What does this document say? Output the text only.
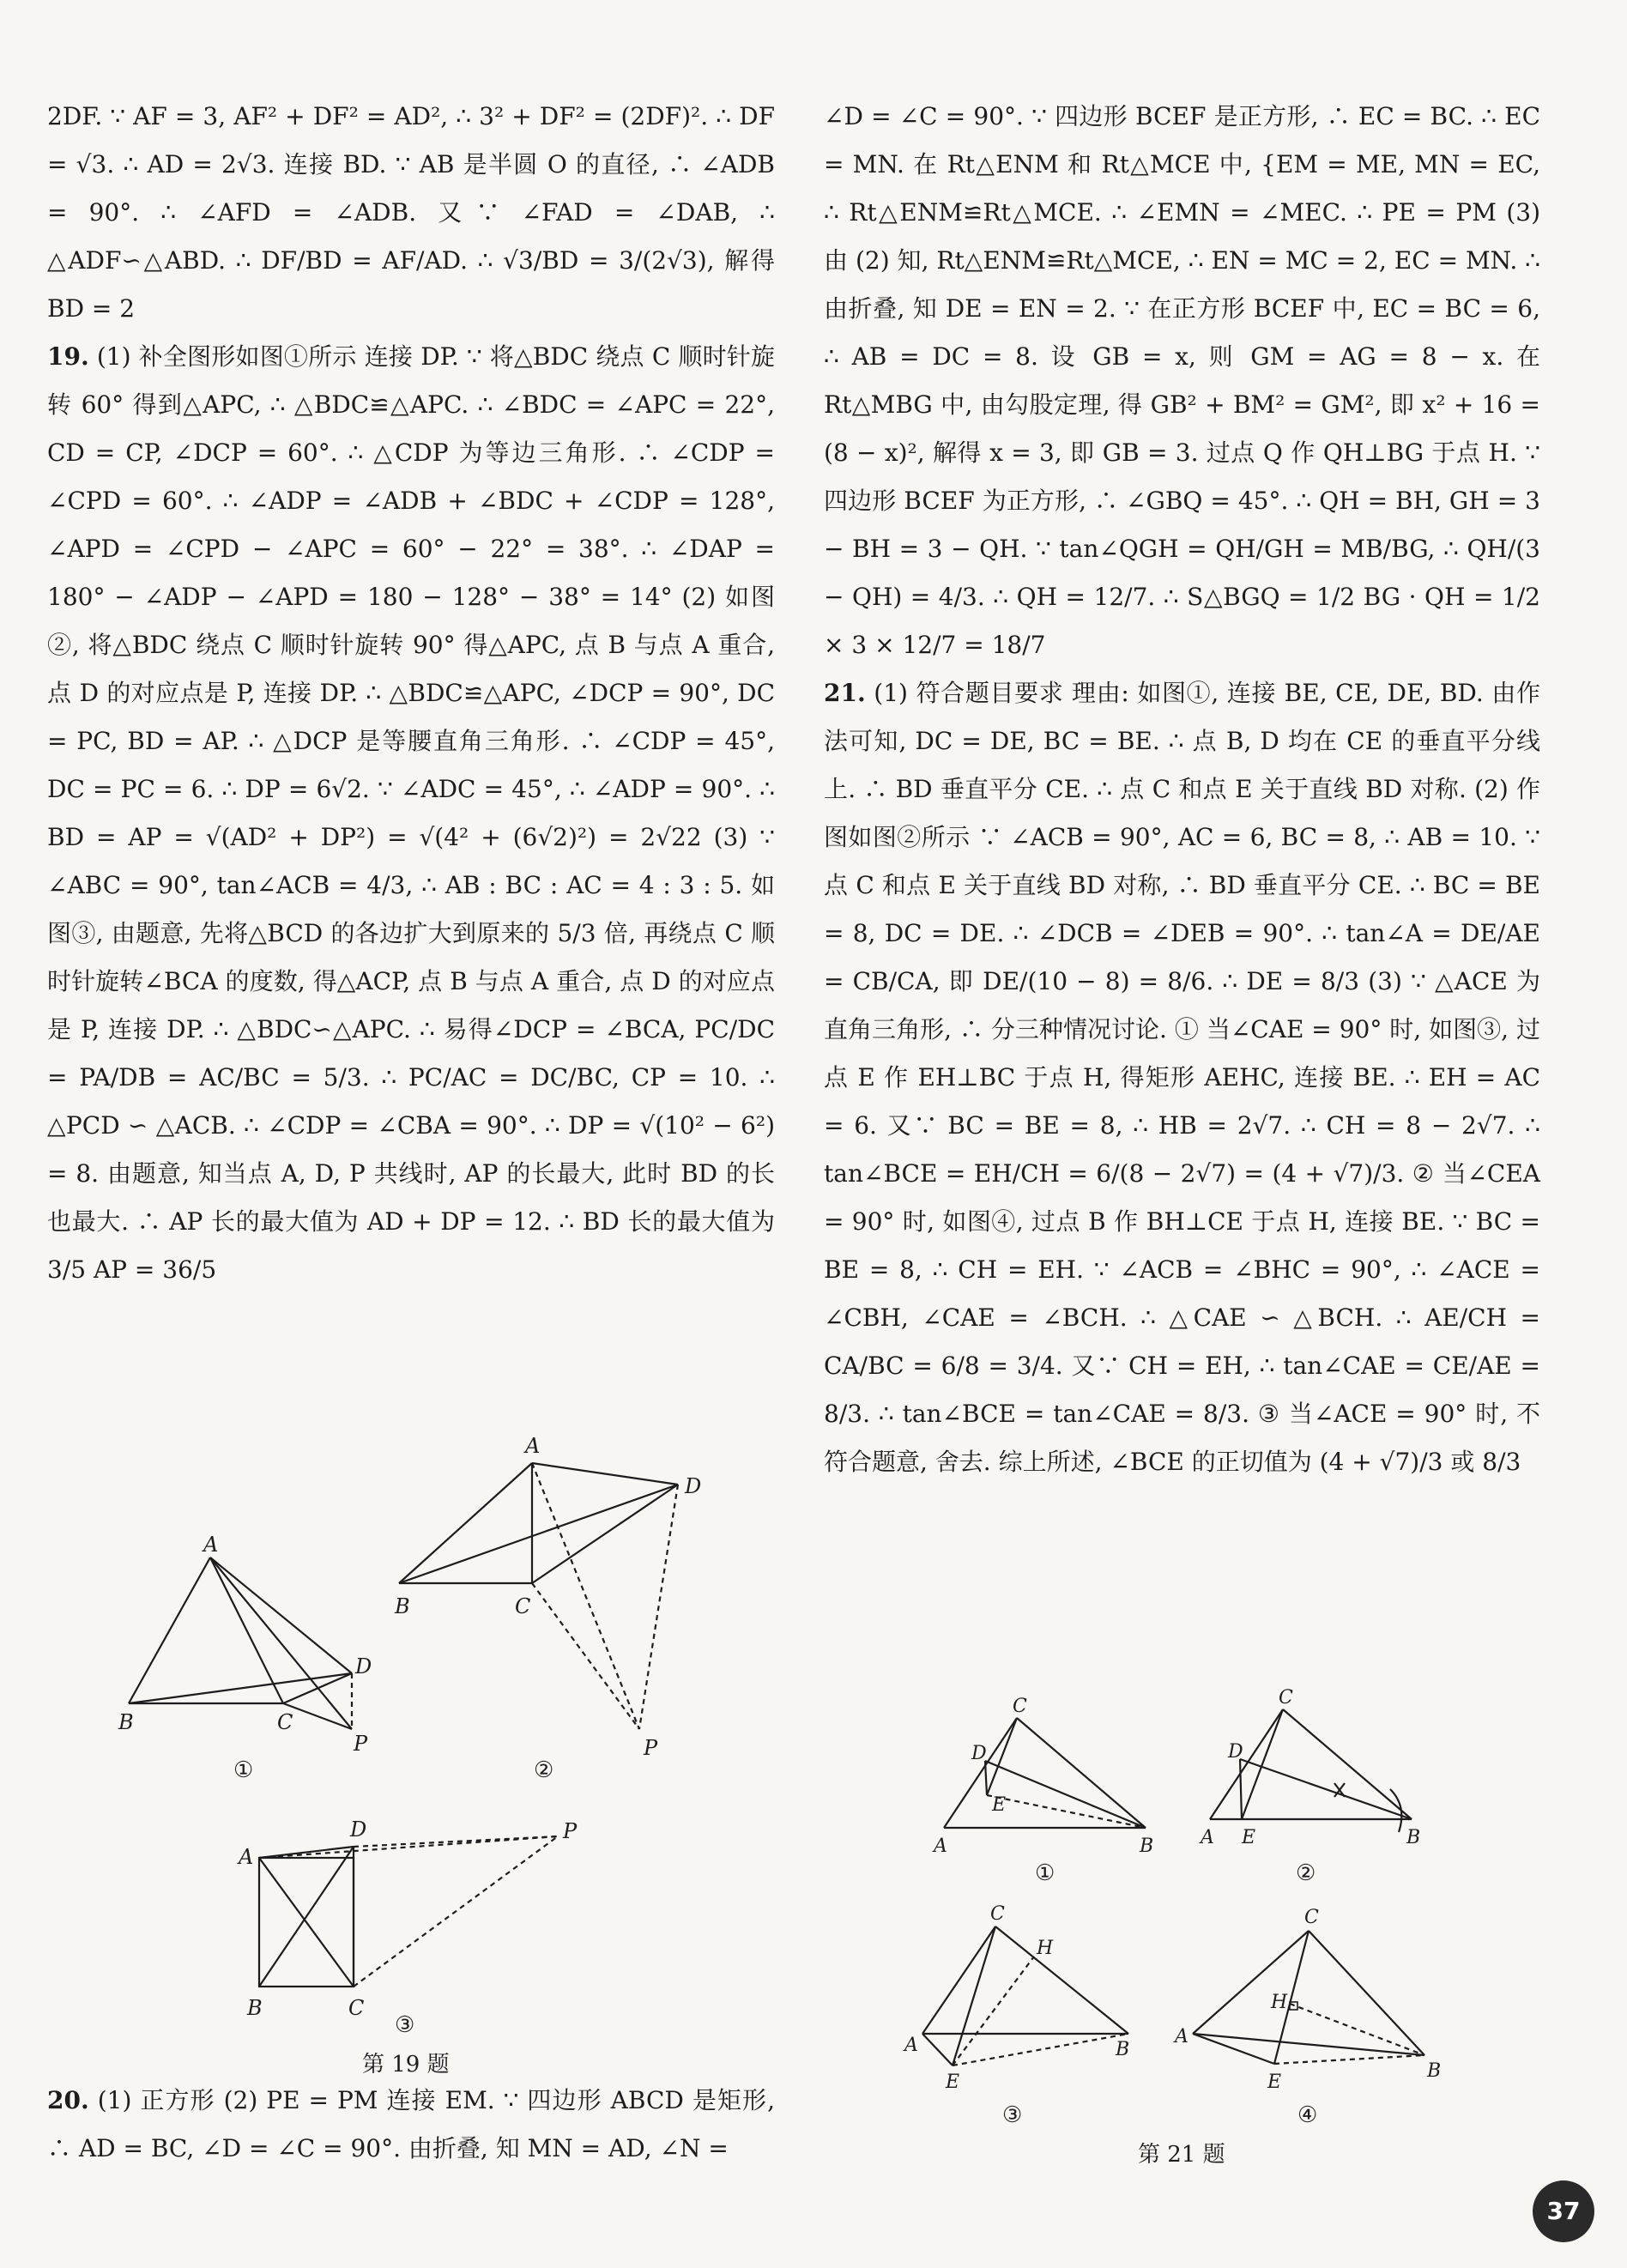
2DF. ∵ AF = 3, AF² + DF² = AD², ∴ 3² + DF² = (2DF)². ∴ DF = √3. ∴ AD = 2√3. 连接 BD. ∵ AB 是半圆 O 的直径, ∴ ∠ADB = 90°. ∴ ∠AFD = ∠ADB. 又∵ ∠FAD = ∠DAB, ∴ △ADF∽△ABD. ∴ DF/BD = AF/AD. ∴ √3/BD = 3/(2√3), 解得 BD = 2

19. (1) 补全图形如图①所示 连接 DP. ∵ 将△BDC 绕点 C 顺时针旋转 60° 得到△APC, ∴ △BDC≌△APC. ∴ ∠BDC = ∠APC = 22°, CD = CP, ∠DCP = 60°. ∴ △CDP 为等边三角形. ∴ ∠CDP = ∠CPD = 60°. ∴ ∠ADP = ∠ADB + ∠BDC + ∠CDP = 128°, ∠APD = ∠CPD − ∠APC = 60° − 22° = 38°. ∴ ∠DAP = 180° − ∠ADP − ∠APD = 180 − 128° − 38° = 14° (2) 如图②, 将△BDC 绕点 C 顺时针旋转 90° 得△APC, 点 B 与点 A 重合, 点 D 的对应点是 P, 连接 DP. ∴ △BDC≌△APC, ∠DCP = 90°, DC = PC, BD = AP. ∴ △DCP 是等腰直角三角形. ∴ ∠CDP = 45°, DC = PC = 6. ∴ DP = 6√2. ∵ ∠ADC = 45°, ∴ ∠ADP = 90°. ∴ BD = AP = √(AD² + DP²) = √(4² + (6√2)²) = 2√22 (3) ∵ ∠ABC = 90°, tan∠ACB = 4/3, ∴ AB : BC : AC = 4 : 3 : 5. 如图③, 由题意, 先将△BCD 的各边扩大到原来的 5/3 倍, 再绕点 C 顺时针旋转∠BCA 的度数, 得△ACP, 点 B 与点 A 重合, 点 D 的对应点是 P, 连接 DP. ∴ △BDC∽△APC. ∴ 易得∠DCP = ∠BCA, PC/DC = PA/DB = AC/BC = 5/3. ∴ PC/AC = DC/BC, CP = 10. ∴ △PCD ∽ △ACB. ∴ ∠CDP = ∠CBA = 90°. ∴ DP = √(10² − 6²) = 8. 由题意, 知当点 A, D, P 共线时, AP 的长最大, 此时 BD 的长也最大. ∴ AP 长的最大值为 AD + DP = 12. ∴ BD 长的最大值为 3/5 AP = 36/5

A
B	C
D
P
A
B	C
D
P
①	②
A
B	C
D	P
③
第 19 题

20. (1) 正方形 (2) PE = PM 连接 EM. ∵ 四边形 ABCD 是矩形, ∴ AD = BC, ∠D = ∠C = 90°. 由折叠, 知 MN = AD, ∠N =

∠D = ∠C = 90°. ∵ 四边形 BCEF 是正方形, ∴ EC = BC. ∴ EC = MN. 在 Rt△ENM 和 Rt△MCE 中, {EM = ME, MN = EC, ∴ Rt△ENM≌Rt△MCE. ∴ ∠EMN = ∠MEC. ∴ PE = PM (3) 由 (2) 知, Rt△ENM≌Rt△MCE, ∴ EN = MC = 2, EC = MN. ∴ 由折叠, 知 DE = EN = 2. ∵ 在正方形 BCEF 中, EC = BC = 6, ∴ AB = DC = 8. 设 GB = x, 则 GM = AG = 8 − x. 在 Rt△MBG 中, 由勾股定理, 得 GB² + BM² = GM², 即 x² + 16 = (8 − x)², 解得 x = 3, 即 GB = 3. 过点 Q 作 QH⊥BG 于点 H. ∵ 四边形 BCEF 为正方形, ∴ ∠GBQ = 45°. ∴ QH = BH, GH = 3 − BH = 3 − QH. ∵ tan∠QGH = QH/GH = MB/BG, ∴ QH/(3 − QH) = 4/3. ∴ QH = 12/7. ∴ S△BGQ = 1/2 BG · QH = 1/2 × 3 × 12/7 = 18/7

21. (1) 符合题目要求 理由: 如图①, 连接 BE, CE, DE, BD. 由作法可知, DC = DE, BC = BE. ∴ 点 B, D 均在 CE 的垂直平分线上. ∴ BD 垂直平分 CE. ∴ 点 C 和点 E 关于直线 BD 对称. (2) 作图如图②所示 ∵ ∠ACB = 90°, AC = 6, BC = 8, ∴ AB = 10. ∵ 点 C 和点 E 关于直线 BD 对称, ∴ BD 垂直平分 CE. ∴ BC = BE = 8, DC = DE. ∴ ∠DCB = ∠DEB = 90°. ∴ tan∠A = DE/AE = CB/CA, 即 DE/(10 − 8) = 8/6. ∴ DE = 8/3 (3) ∵ △ACE 为直角三角形, ∴ 分三种情况讨论. ① 当∠CAE = 90° 时, 如图③, 过点 E 作 EH⊥BC 于点 H, 得矩形 AEHC, 连接 BE. ∴ EH = AC = 6. 又∵ BC = BE = 8, ∴ HB = 2√7. ∴ CH = 8 − 2√7. ∴ tan∠BCE = EH/CH = 6/(8 − 2√7) = (4 + √7)/3. ② 当∠CEA = 90° 时, 如图④, 过点 B 作 BH⊥CE 于点 H, 连接 BE. ∵ BC = BE = 8, ∴ CH = EH. ∵ ∠ACB = ∠BHC = 90°, ∴ ∠ACE = ∠CBH, ∠CAE = ∠BCH. ∴ △CAE ∽ △BCH. ∴ AE/CH = CA/BC = 6/8 = 3/4. 又∵ CH = EH, ∴ tan∠CAE = CE/AE = 8/3. ∴ tan∠BCE = tan∠CAE = 8/3. ③ 当∠ACE = 90° 时, 不符合题意, 舍去. 综上所述, ∠BCE 的正切值为 (4 + √7)/3 或 8/3

A	B
C
D
E
①
A	B
C
D
E
②
A	B
C
E
H
③
A
B
C
E
H
④
第 21 题
37
